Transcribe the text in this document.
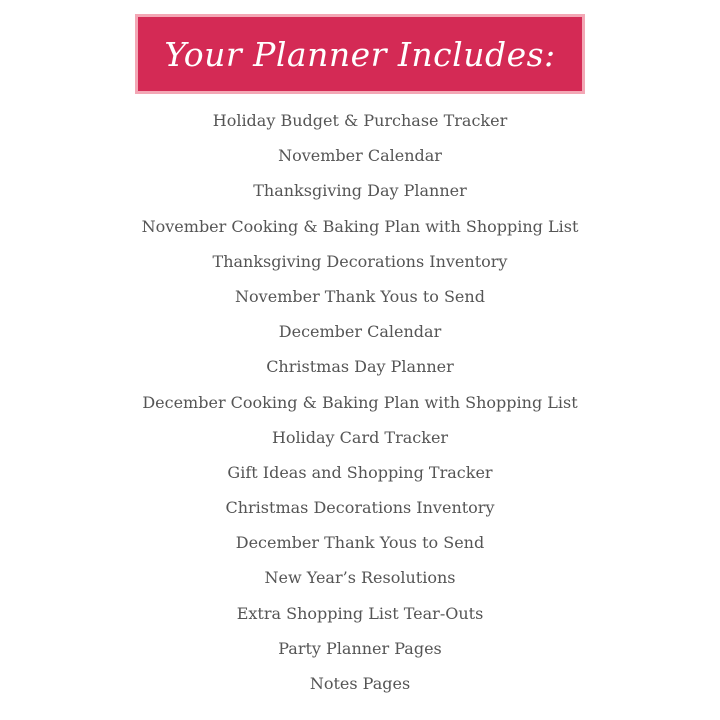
Your Planner Includes:
Holiday Budget & Purchase Tracker
November Calendar
Thanksgiving Day Planner
November Cooking & Baking Plan with Shopping List
Thanksgiving Decorations Inventory
November Thank Yous to Send
December Calendar
Christmas Day Planner
December Cooking & Baking Plan with Shopping List
Holiday Card Tracker
Gift Ideas and Shopping Tracker
Christmas Decorations Inventory
December Thank Yous to Send
New Year’s Resolutions
Extra Shopping List Tear-Outs
Party Planner Pages
Notes Pages
